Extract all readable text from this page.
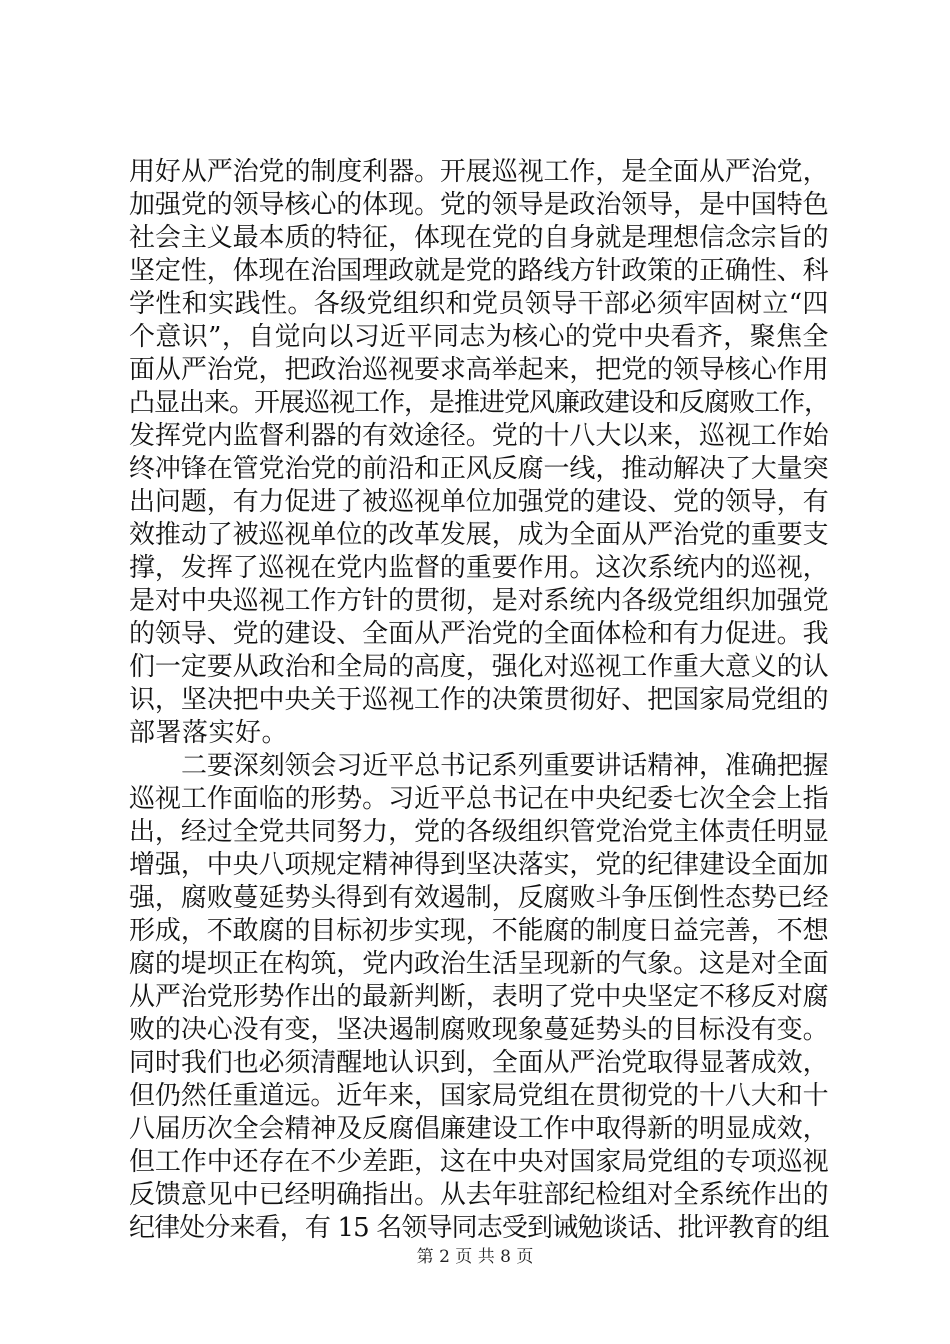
用好从严治党的制度利器。开展巡视工作，是全面从严治党，
加强党的领导核心的体现。党的领导是政治领导，是中国特色
社会主义最本质的特征，体现在党的自身就是理想信念宗旨的
坚定性，体现在治国理政就是党的路线方针政策的正确性、科
学性和实践性。各级党组织和党员领导干部必须牢固树立“四
个意识”，自觉向以习近平同志为核心的党中央看齐，聚焦全
面从严治党，把政治巡视要求高举起来，把党的领导核心作用
凸显出来。开展巡视工作，是推进党风廉政建设和反腐败工作，
发挥党内监督利器的有效途径。党的十八大以来，巡视工作始
终冲锋在管党治党的前沿和正风反腐一线，推动解决了大量突
出问题，有力促进了被巡视单位加强党的建设、党的领导，有
效推动了被巡视单位的改革发展，成为全面从严治党的重要支
撑，发挥了巡视在党内监督的重要作用。这次系统内的巡视，
是对中央巡视工作方针的贯彻，是对系统内各级党组织加强党
的领导、党的建设、全面从严治党的全面体检和有力促进。我
们一定要从政治和全局的高度，强化对巡视工作重大意义的认
识，坚决把中央关于巡视工作的决策贯彻好、把国家局党组的
部署落实好。
二要深刻领会习近平总书记系列重要讲话精神，准确把握
巡视工作面临的形势。习近平总书记在中央纪委七次全会上指
出，经过全党共同努力，党的各级组织管党治党主体责任明显
增强，中央八项规定精神得到坚决落实，党的纪律建设全面加
强，腐败蔓延势头得到有效遏制，反腐败斗争压倒性态势已经
形成，不敢腐的目标初步实现，不能腐的制度日益完善，不想
腐的堤坝正在构筑，党内政治生活呈现新的气象。这是对全面
从严治党形势作出的最新判断，表明了党中央坚定不移反对腐
败的决心没有变，坚决遏制腐败现象蔓延势头的目标没有变。
同时我们也必须清醒地认识到，全面从严治党取得显著成效，
但仍然任重道远。近年来，国家局党组在贯彻党的十八大和十
八届历次全会精神及反腐倡廉建设工作中取得新的明显成效，
但工作中还存在不少差距，这在中央对国家局党组的专项巡视
反馈意见中已经明确指出。从去年驻部纪检组对全系统作出的
纪律处分来看，有 15 名领导同志受到诫勉谈话、批评教育的组
第 2 页 共 8 页
